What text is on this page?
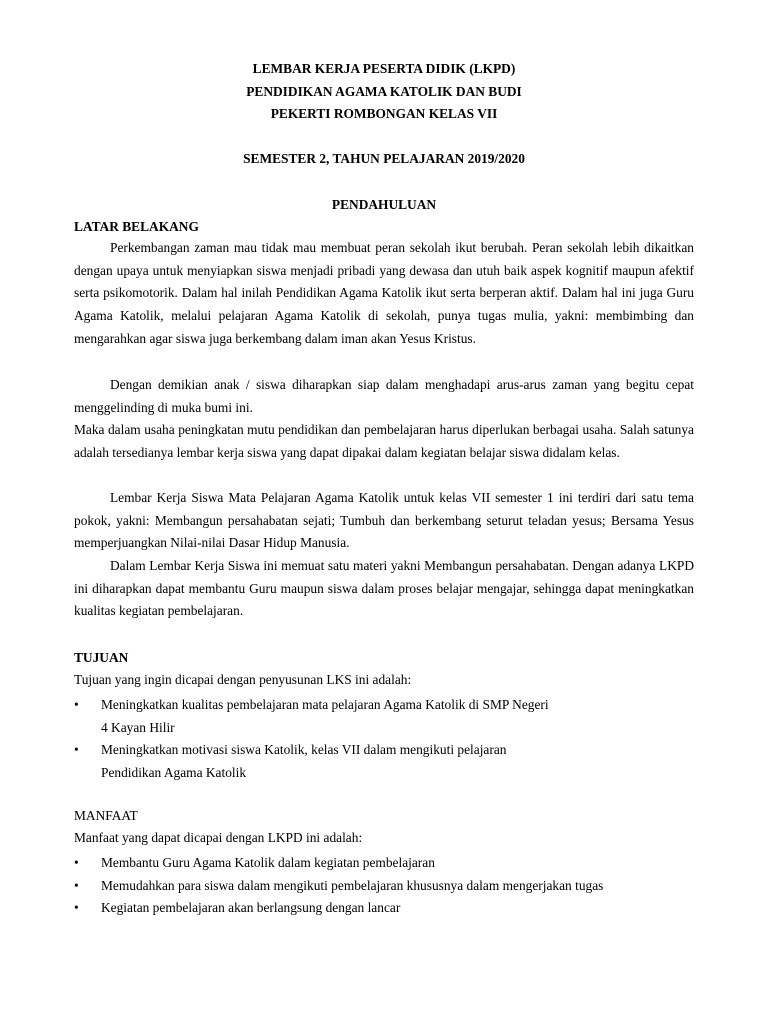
LEMBAR KERJA PESERTA DIDIK (LKPD)
PENDIDIKAN AGAMA KATOLIK DAN BUDI
PEKERTI ROMBONGAN KELAS VII
SEMESTER 2, TAHUN PELAJARAN 2019/2020
PENDAHULUAN
LATAR BELAKANG
Perkembangan zaman mau tidak mau membuat peran sekolah ikut berubah. Peran sekolah lebih dikaitkan dengan upaya untuk menyiapkan siswa menjadi pribadi yang dewasa dan utuh baik aspek kognitif maupun afektif serta psikomotorik. Dalam hal inilah Pendidikan Agama Katolik ikut serta berperan aktif. Dalam hal ini juga Guru Agama Katolik, melalui pelajaran Agama Katolik di sekolah, punya tugas mulia, yakni: membimbing dan mengarahkan agar siswa juga berkembang dalam iman akan Yesus Kristus.
Dengan demikian anak / siswa diharapkan siap dalam menghadapi arus-arus zaman yang begitu cepat menggelinding di muka bumi ini.
Maka dalam usaha peningkatan mutu pendidikan dan pembelajaran harus diperlukan berbagai usaha. Salah satunya adalah tersedianya lembar kerja siswa yang dapat dipakai dalam kegiatan belajar siswa didalam kelas.
Lembar Kerja Siswa Mata Pelajaran Agama Katolik untuk kelas VII semester 1 ini terdiri dari satu tema pokok, yakni: Membangun persahabatan sejati; Tumbuh dan berkembang seturut teladan yesus; Bersama Yesus memperjuangkan Nilai-nilai Dasar Hidup Manusia.
Dalam Lembar Kerja Siswa ini memuat satu materi yakni Membangun persahabatan. Dengan adanya LKPD ini diharapkan dapat membantu Guru maupun siswa dalam proses belajar mengajar, sehingga dapat meningkatkan kualitas kegiatan pembelajaran.
TUJUAN
Tujuan yang ingin dicapai dengan penyusunan LKS ini adalah:
• Meningkatkan kualitas pembelajaran mata pelajaran Agama Katolik di SMP Negeri
4 Kayan Hilir
• Meningkatkan motivasi siswa Katolik, kelas VII dalam mengikuti pelajaran
Pendidikan Agama Katolik
MANFAAT
Manfaat yang dapat dicapai dengan LKPD ini adalah:
• Membantu Guru Agama Katolik dalam kegiatan pembelajaran
• Memudahkan para siswa dalam mengikuti pembelajaran khususnya dalam mengerjakan tugas
• Kegiatan pembelajaran akan berlangsung dengan lancar
